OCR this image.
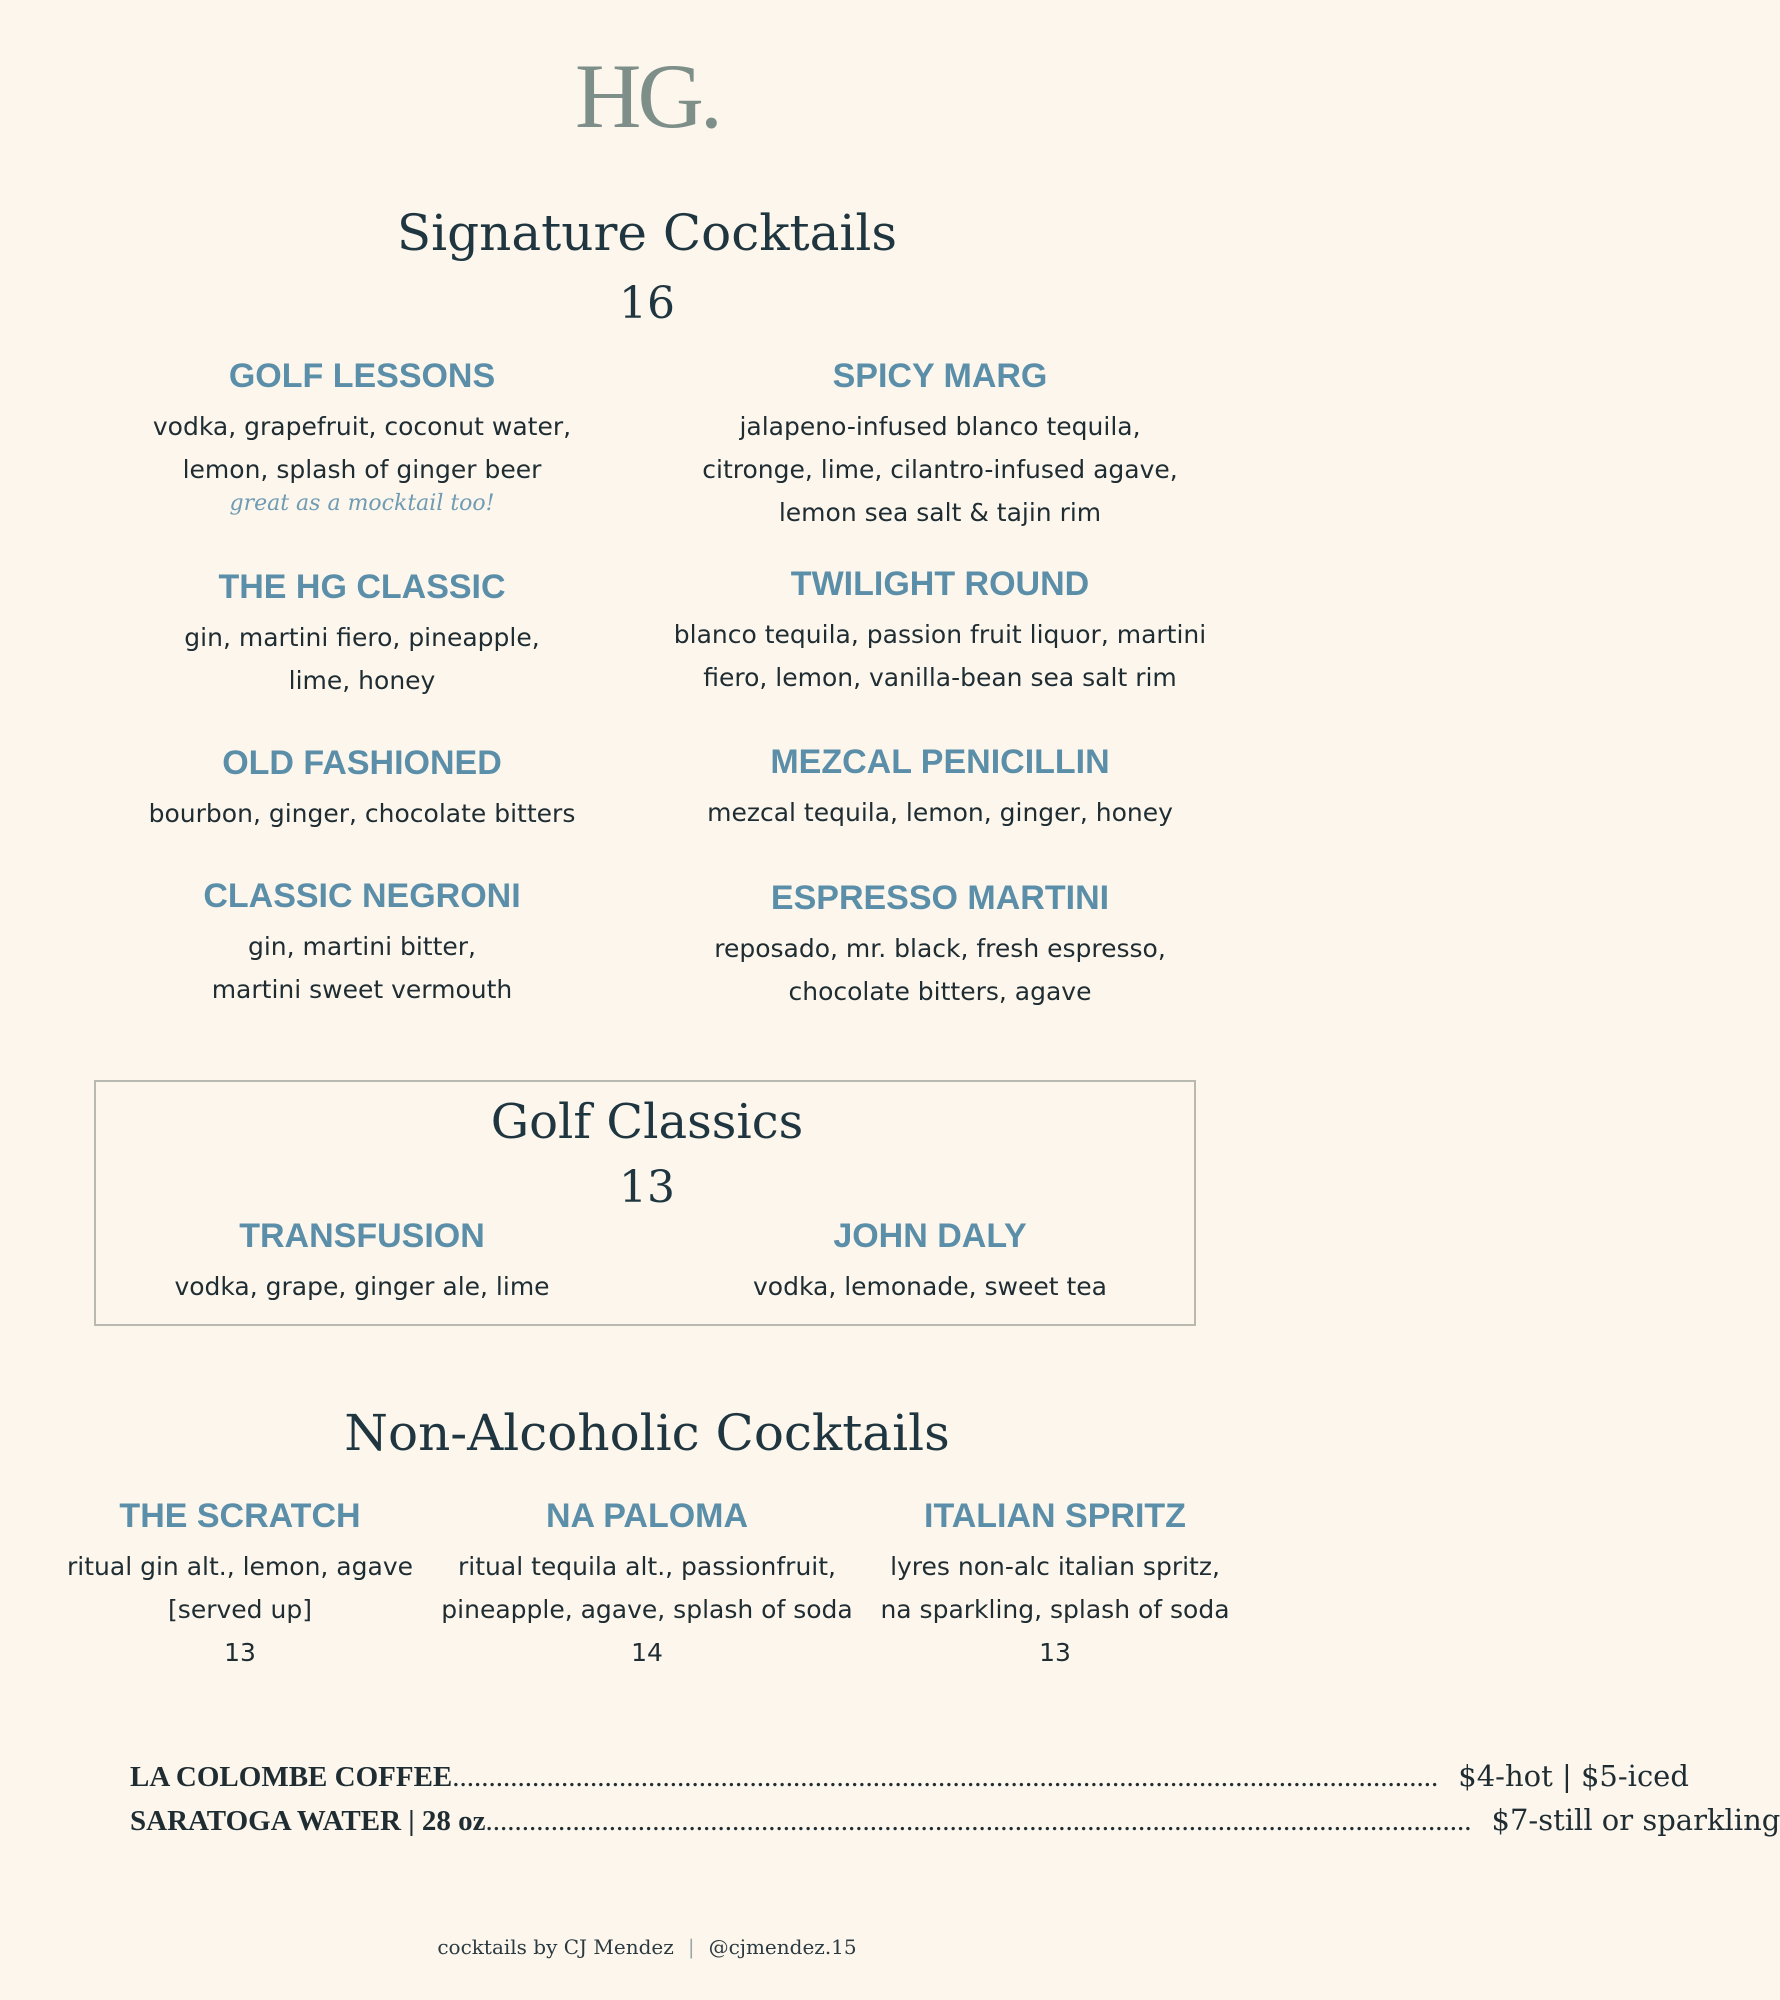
HG.
Signature Cocktails
16
GOLF LESSONS
vodka, grapefruit, coconut water,
lemon, splash of ginger beer
great as a mocktail too!
SPICY MARG
jalapeno-infused blanco tequila,
citronge, lime, cilantro-infused agave,
lemon sea salt & tajin rim
THE HG CLASSIC
gin, martini fiero, pineapple,
lime, honey
TWILIGHT ROUND
blanco tequila, passion fruit liquor, martini
fiero, lemon, vanilla-bean sea salt rim
OLD FASHIONED
bourbon, ginger, chocolate bitters
MEZCAL PENICILLIN
mezcal tequila, lemon, ginger, honey
CLASSIC NEGRONI
gin, martini bitter,
martini sweet vermouth
ESPRESSO MARTINI
reposado, mr. black, fresh espresso,
chocolate bitters, agave
Golf Classics
13
TRANSFUSION
vodka, grape, ginger ale, lime
JOHN DALY
vodka, lemonade, sweet tea
Non-Alcoholic Cocktails
THE SCRATCH
ritual gin alt., lemon, agave
[served up]
13
NA PALOMA
ritual tequila alt., passionfruit,
pineapple, agave, splash of soda
14
ITALIAN SPRITZ
lyres non-alc italian spritz,
na sparkling, splash of soda
13
LA COLOMBE COFFEE ........................................................................................................................................ $4-hot | $5-iced
SARATOGA WATER | 28 oz ........................................................................................................................................ $7-still or sparkling
cocktails by CJ Mendez | @cjmendez.15
